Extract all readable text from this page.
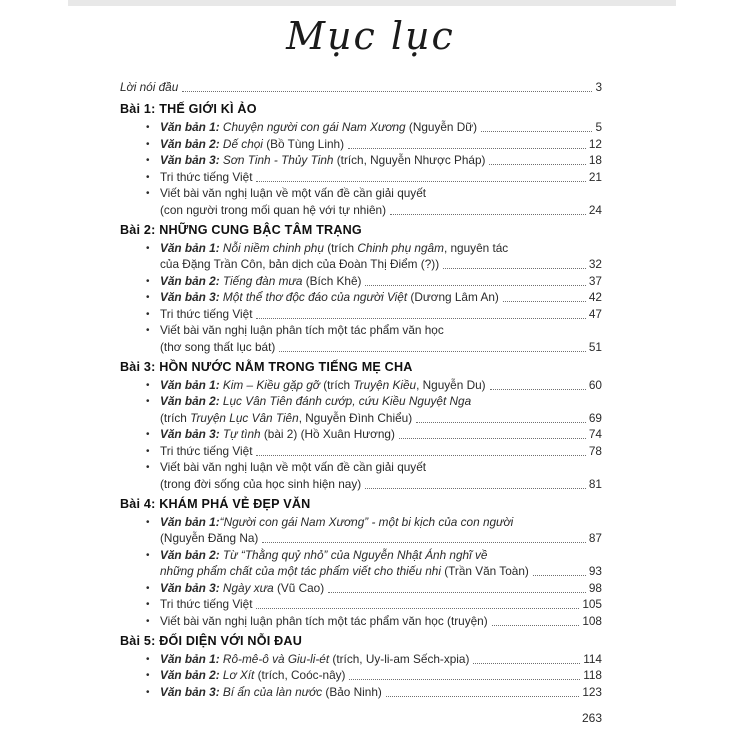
Mục lục
Lời nói đầu	3
Bài 1: THẾ GIỚI KÌ ẢO
• Văn bản 1: Chuyện người con gái Nam Xương (Nguyễn Dữ)	5
• Văn bản 2: Dế chọi (Bồ Tùng Linh)	12
• Văn bản 3: Sơn Tinh - Thủy Tinh (trích, Nguyễn Nhược Pháp)	18
• Tri thức tiếng Việt	21
• Viết bài văn nghị luận về một vấn đề cần giải quyết
(con người trong mối quan hệ với tự nhiên)	24
Bài 2: NHỮNG CUNG BẬC TÂM TRẠNG
• Văn bản 1: Nỗi niềm chinh phụ (trích Chinh phụ ngâm, nguyên tác
của Đặng Trần Côn, bản dịch của Đoàn Thị Điểm (?))	32
• Văn bản 2: Tiếng đàn mưa (Bích Khê)	37
• Văn bản 3: Một thể thơ độc đáo của người Việt (Dương Lâm An)	42
• Tri thức tiếng Việt	47
• Viết bài văn nghị luận phân tích một tác phẩm văn học
(thơ song thất lục bát)	51
Bài 3: HỒN NƯỚC NẰM TRONG TIẾNG MẸ CHA
• Văn bản 1: Kim – Kiều gặp gỡ (trích Truyện Kiều, Nguyễn Du)	60
• Văn bản 2: Lục Vân Tiên đánh cướp, cứu Kiều Nguyệt Nga
(trích Truyện Lục Vân Tiên, Nguyễn Đình Chiểu)	69
• Văn bản 3: Tự tình (bài 2) (Hồ Xuân Hương)	74
• Tri thức tiếng Việt	78
• Viết bài văn nghị luận về một vấn đề cần giải quyết
(trong đời sống của học sinh hiện nay)	81
Bài 4: KHÁM PHÁ VẺ ĐẸP VĂN
• Văn bản 1:“Người con gái Nam Xương” - một bi kịch của con người
(Nguyễn Đăng Na)	87
• Văn bản 2: Từ “Thằng quỷ nhỏ” của Nguyễn Nhật Ánh nghĩ về
những phẩm chất của một tác phẩm viết cho thiếu nhi (Trần Văn Toàn)	93
• Văn bản 3: Ngày xưa (Vũ Cao)	98
• Tri thức tiếng Việt	105
• Viết bài văn nghị luận phân tích một tác phẩm văn học (truyện)	108
Bài 5: ĐỐI DIỆN VỚI NỖI ĐAU
• Văn bản 1: Rô-mê-ô và Giu-li-ét (trích, Uy-li-am Sếch-xpia)	114
• Văn bản 2: Lơ Xít (trích, Coóc-nây)	118
• Văn bản 3: Bí ẩn của làn nước (Bảo Ninh)	123
263
